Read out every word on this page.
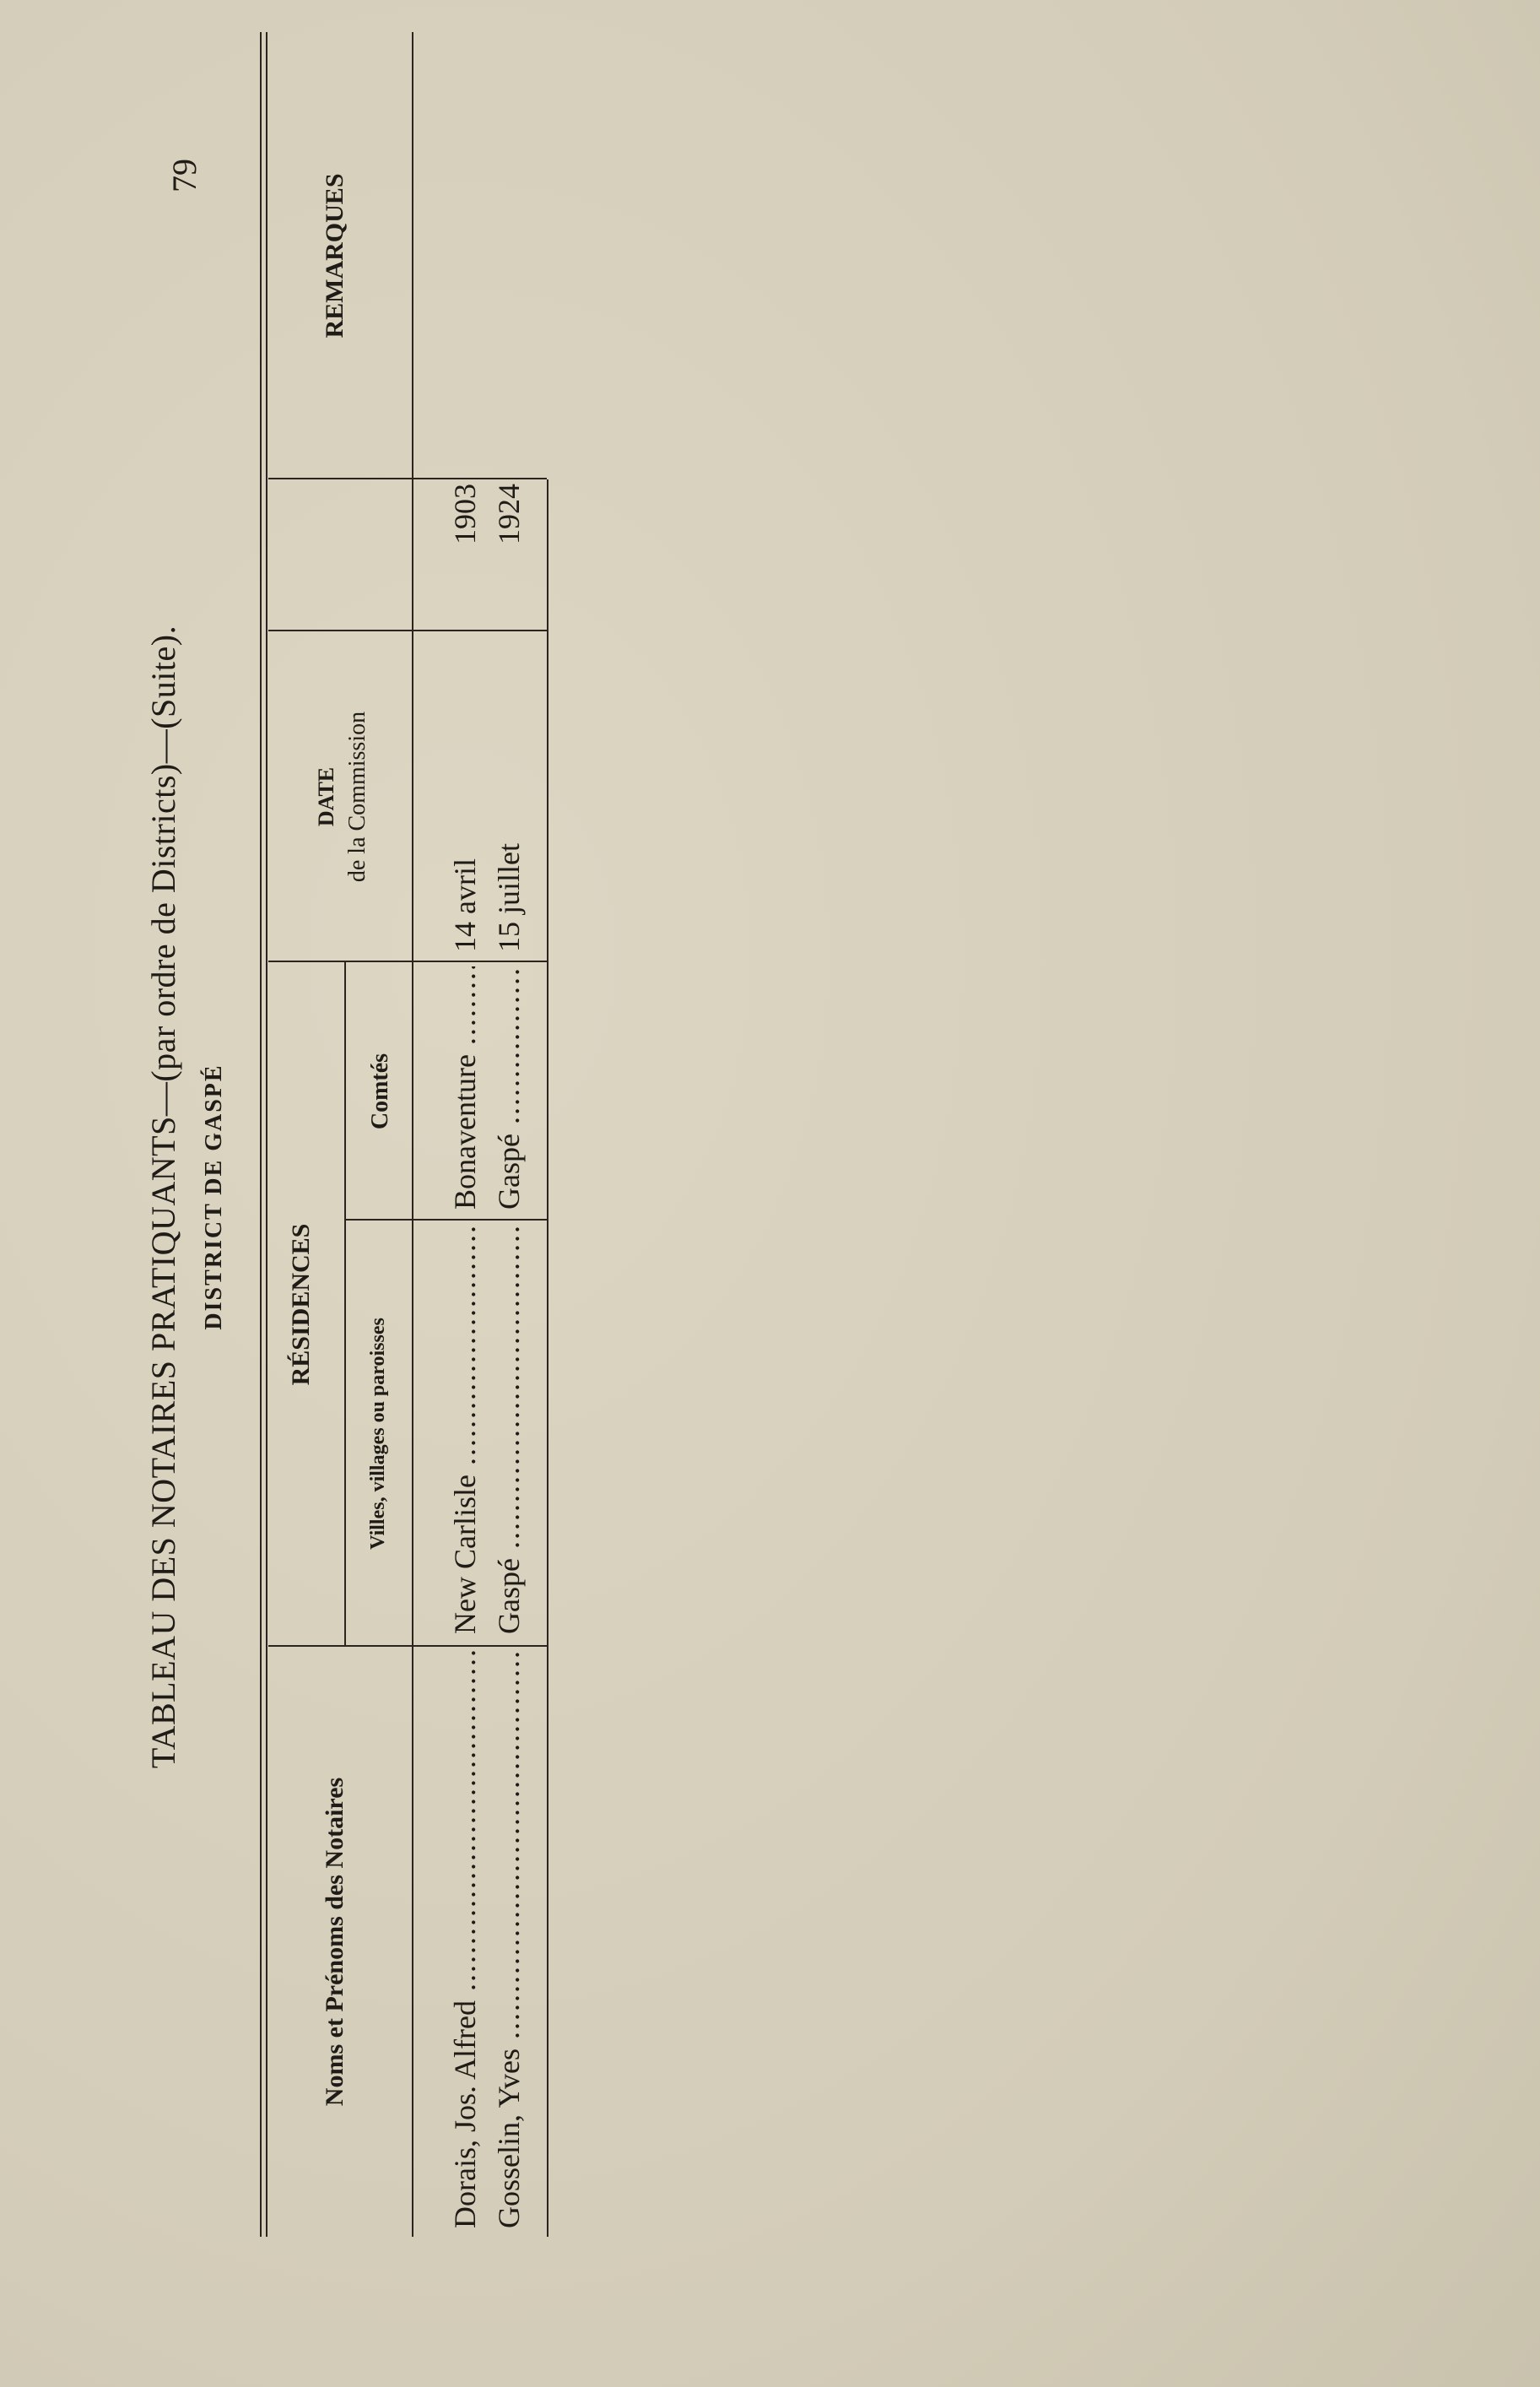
79
TABLEAU DES NOTAIRES PRATIQUANTS—(par ordre de Districts)—(Suite). DISTRICT DE GASPÉ
Noms et Prénoms des Notaires
RÉSIDENCES
Villes, villages ou paroisses
Comtés
DATE de la Commission
REMARQUES
Dorais, Jos. Alfred .....
New Carlisle .....
Bonaventure .....
14 avril
1903
Gosselin, Yves .....
Gaspé .....
Gaspé .....
15 juillet
1924
